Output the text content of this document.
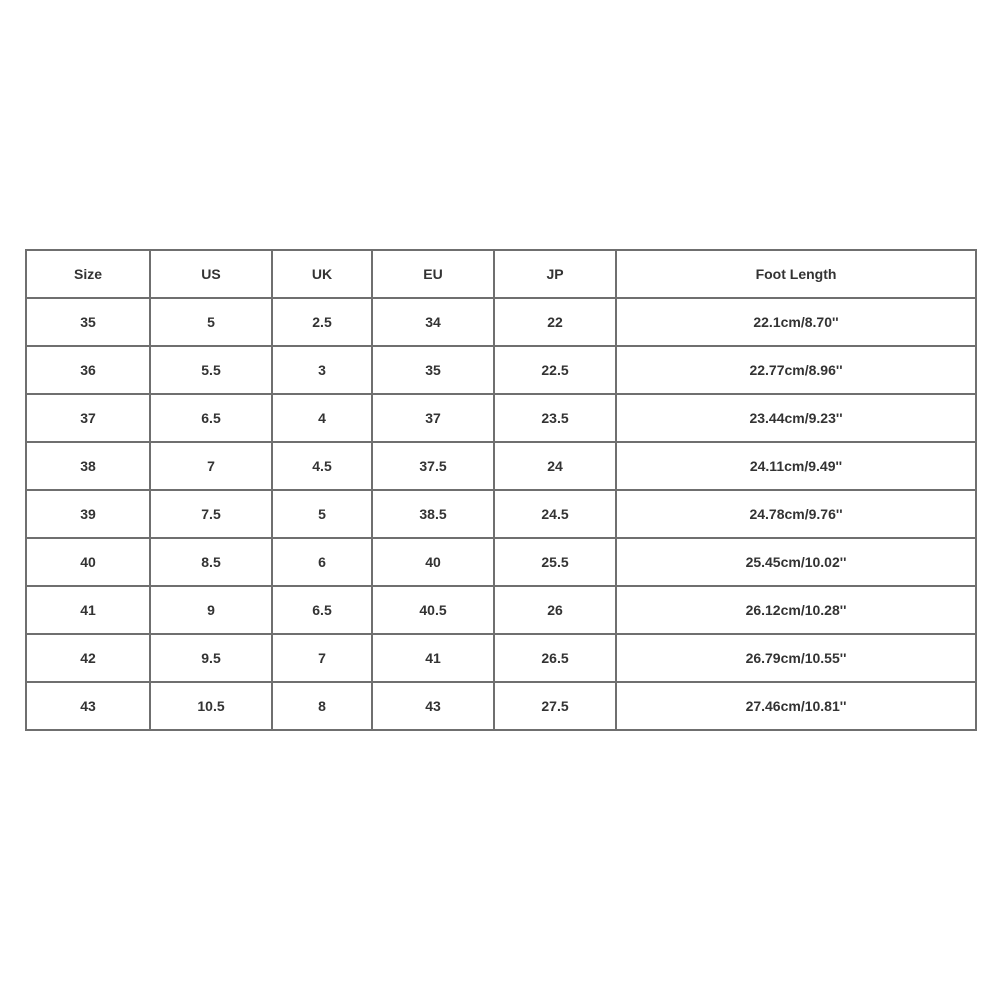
Size	US	UK	EU	JP	Foot Length
35	5	2.5	34	22	22.1cm/8.70''
36	5.5	3	35	22.5	22.77cm/8.96''
37	6.5	4	37	23.5	23.44cm/9.23''
38	7	4.5	37.5	24	24.11cm/9.49''
39	7.5	5	38.5	24.5	24.78cm/9.76''
40	8.5	6	40	25.5	25.45cm/10.02''
41	9	6.5	40.5	26	26.12cm/10.28''
42	9.5	7	41	26.5	26.79cm/10.55''
43	10.5	8	43	27.5	27.46cm/10.81''
